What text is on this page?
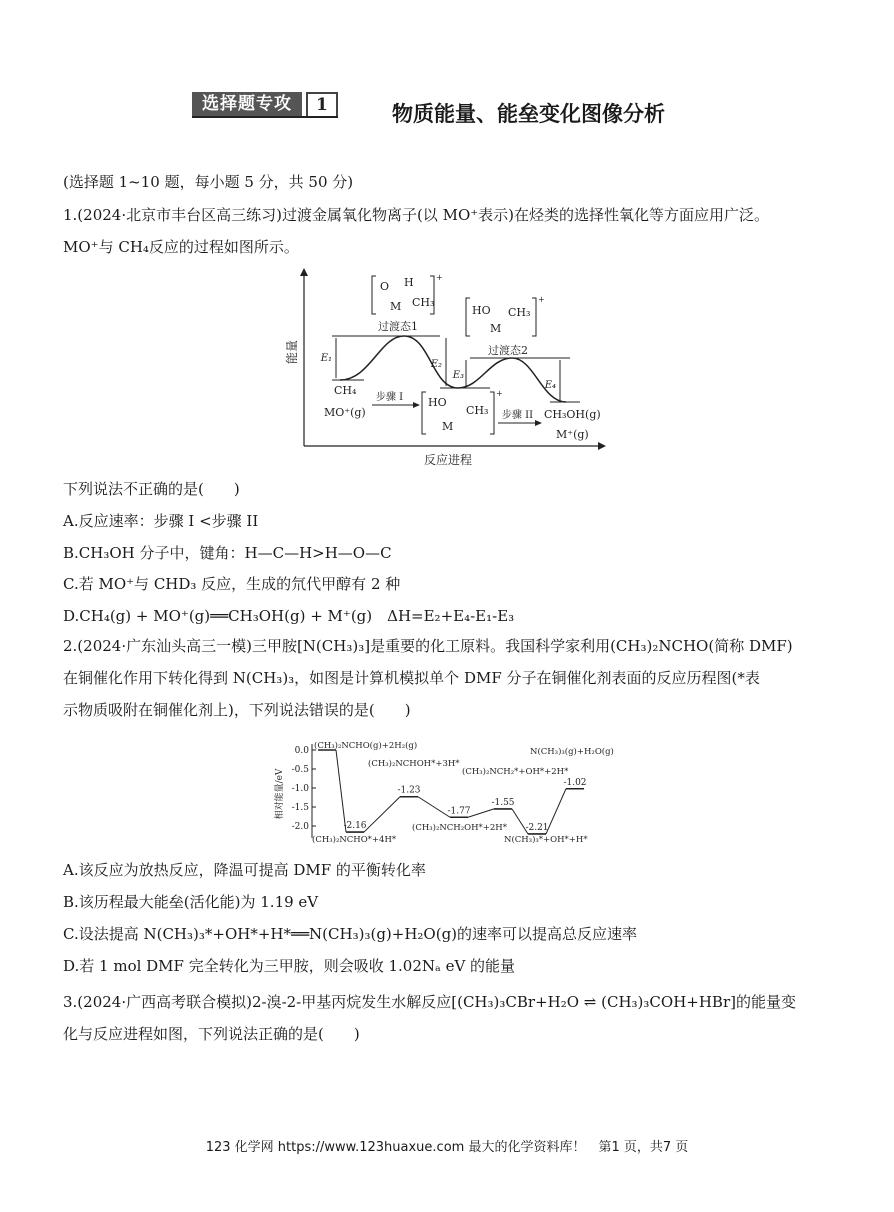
选择题专攻	1	物质能量、能垒变化图像分析
(选择题 1~10 题，每小题 5 分，共 50 分)
1.(2024·北京市丰台区高三练习)过渡金属氧化物离子(以 MO⁺表示)在烃类的选择性氧化等方面应用广泛。
MO⁺与 CH₄反应的过程如图所示。
能量
反应进程
E₁
E₂
E₃
E₄
O H
M CH₃
+
过渡态1
HO CH₃
M
+
过渡态2
CH₄
MO⁺(g)
步骤 I HO
CH₃
M
+
步骤 II CH₃OH(g)
M⁺(g)
下列说法不正确的是(　　)
A.反应速率：步骤 I <步骤 II
B.CH₃OH 分子中，键角：H—C—H>H—O—C
C.若 MO⁺与 CHD₃ 反应，生成的氘代甲醇有 2 种
D.CH₄(g) + MO⁺(g)══CH₃OH(g) + M⁺(g)　ΔH=E₂+E₄-E₁-E₃
2.(2024·广东汕头高三一模)三甲胺[N(CH₃)₃]是重要的化工原料。我国科学家利用(CH₃)₂NCHO(简称 DMF)
在铜催化作用下转化得到 N(CH₃)₃，如图是计算机模拟单个 DMF 分子在铜催化剂表面的反应历程图(*表
示物质吸附在铜催化剂上)，下列说法错误的是(　　)
相对能量/eV
0.0
-0.5
-1.0
-1.5
-2.0	-2.16
-1.23
-1.77
-1.55
-2.21
-1.02
(CH₃)₂NCHO(g)+2H₂(g)
(CH₃)₂NCHO*+4H*
(CH₃)₂NCHOH*+3H*
(CH₃)₂NCH₂OH*+2H*
(CH₃)₂NCH₂*+OH*+2H*
N(CH₃)₃*+OH*+H*
N(CH₃)₃(g)+H₂O(g)
A.该反应为放热反应，降温可提高 DMF 的平衡转化率
B.该历程最大能垒(活化能)为 1.19 eV
C.设法提高 N(CH₃)₃*+OH*+H*══N(CH₃)₃(g)+H₂O(g)的速率可以提高总反应速率
D.若 1 mol DMF 完全转化为三甲胺，则会吸收 1.02Nₐ eV 的能量
3.(2024·广西高考联合模拟)2-溴-2-甲基丙烷发生水解反应[(CH₃)₃CBr+H₂O ⇌ (CH₃)₃COH+HBr]的能量变
化与反应进程如图，下列说法正确的是(　　)
123 化学网 https://www.123huaxue.com 最大的化学资料库！　第1 页，共7 页
